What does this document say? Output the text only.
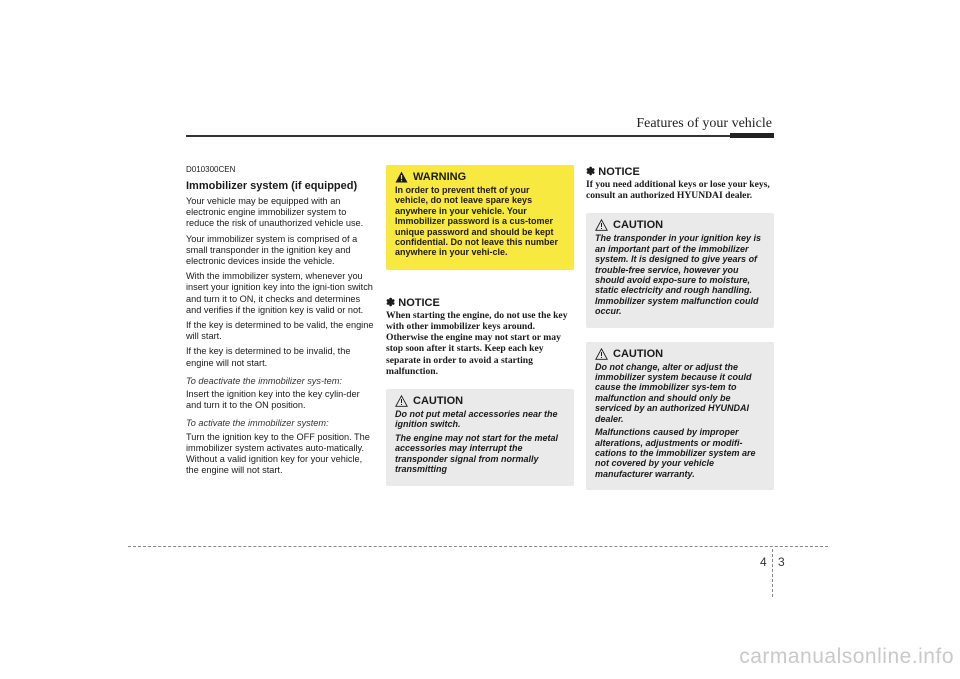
Features of your vehicle
D010300CEN
Immobilizer system (if equipped)

Your vehicle may be equipped with an electronic engine immobilizer system to reduce the risk of unauthorized vehicle use.

Your immobilizer system is comprised of a small transponder in the ignition key and electronic devices inside the vehicle.

With the immobilizer system, whenever you insert your ignition key into the igni-tion switch and turn it to ON, it checks and determines and verifies if the ignition key is valid or not.

If the key is determined to be valid, the engine will start.

If the key is determined to be invalid, the engine will not start.

To deactivate the immobilizer sys-tem:

Insert the ignition key into the key cylin-der and turn it to the ON position.

To activate the immobilizer system:

Turn the ignition key to the OFF position. The immobilizer system activates auto-matically. Without a valid ignition key for your vehicle, the engine will not start.

WARNING

In order to prevent theft of your vehicle, do not leave spare keys anywhere in your vehicle. Your Immobilizer password is a cus-tomer unique password and should be kept confidential. Do not leave this number anywhere in your vehi-cle.

✽ NOTICE
When starting the engine, do not use the key with other immobilizer keys around. Otherwise the engine may not start or may stop soon after it starts. Keep each key separate in order to avoid a starting malfunction.
CAUTION

Do not put metal accessories near the ignition switch.

The engine may not start for the metal accessories may interrupt the transponder signal from normally transmitting

✽ NOTICE
If you need additional keys or lose your keys, consult an authorized HYUNDAI dealer.
CAUTION

The transponder in your ignition key is an important part of the immobilizer system. It is designed to give years of trouble-free service, however you should avoid expo-sure to moisture, static electricity and rough handling. Immobilizer system malfunction could occur.

CAUTION

Do not change, alter or adjust the immobilizer system because it could cause the immobilizer sys-tem to malfunction and should only be serviced by an authorized HYUNDAI dealer.

Malfunctions caused by improper alterations, adjustments or modifi-cations to the immobilizer system are not covered by your vehicle manufacturer warranty.

4 3
carmanualsonline.info
